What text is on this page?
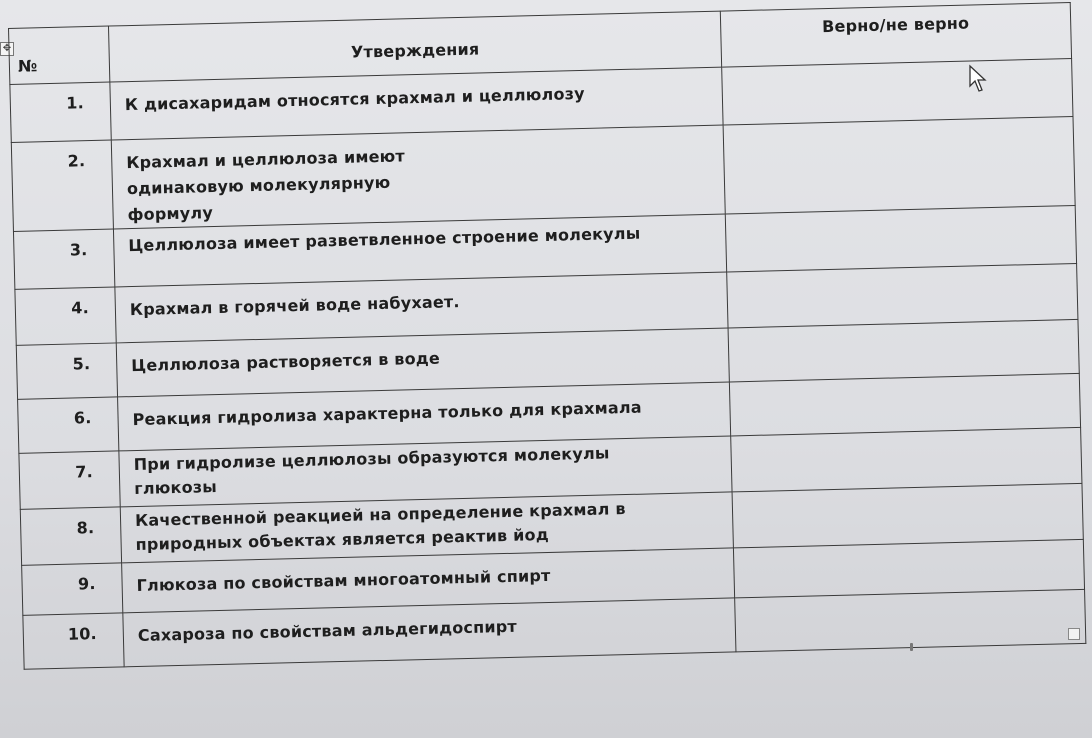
✥
№	Утверждения	Верно/не верно
1.	К дисахаридам относятся крахмал и целлюлозу	
2.	Крахмал и целлюлоза имеют одинаковую молекулярную формулу	
3.	Целлюлоза имеет разветвленное строение молекулы	
4.	Крахмал в горячей воде набухает.	
5.	Целлюлоза растворяется в воде	
6.	Реакция гидролиза характерна только для крахмала	
7.	При гидролизе целлюлозы образуются молекулы глюкозы	
8.	Качественной реакцией на определение крахмал в природных объектах является реактив йод	
9.	Глюкоза по свойствам многоатомный спирт	
10.	Сахароза по свойствам альдегидоспирт	
